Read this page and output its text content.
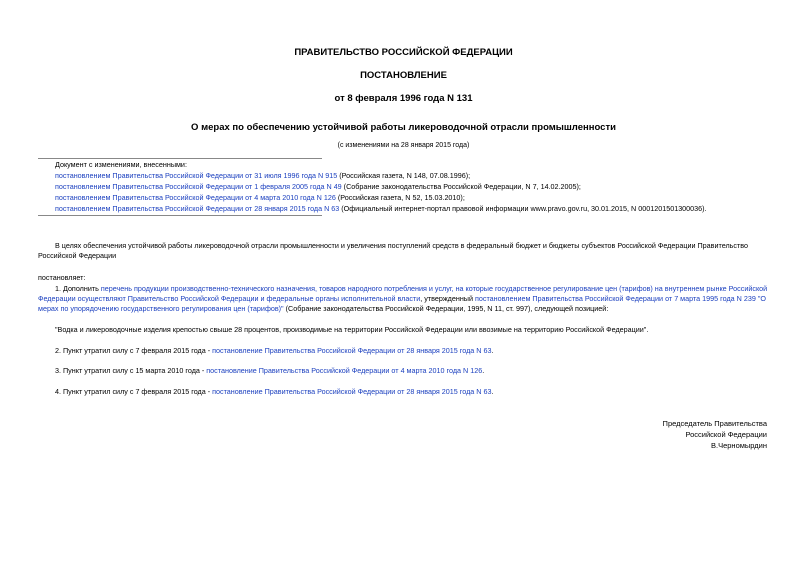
ПРАВИТЕЛЬСТВО РОССИЙСКОЙ ФЕДЕРАЦИИ
ПОСТАНОВЛЕНИЕ
от 8 февраля 1996 года N 131
О мерах по обеспечению устойчивой работы ликероводочной отрасли промышленности
(с изменениями на 28 января 2015 года)
Документ с изменениями, внесенными:
постановлением Правительства Российской Федерации от 31 июля 1996 года N 915 (Российская газета, N 148, 07.08.1996);
постановлением Правительства Российской Федерации от 1 февраля 2005 года N 49 (Собрание законодательства Российской Федерации, N 7, 14.02.2005);
постановлением Правительства Российской Федерации от 4 марта 2010 года N 126 (Российская газета, N 52, 15.03.2010);
постановлением Правительства Российской Федерации от 28 января 2015 года N 63 (Официальный интернет-портал правовой информации www.pravo.gov.ru, 30.01.2015, N 0001201501300036).
В целях обеспечения устойчивой работы ликероводочной отрасли промышленности и увеличения поступлений средств в федеральный бюджет и бюджеты субъектов Российской Федерации Правительство Российской Федерации
постановляет:
1. Дополнить перечень продукции производственно-технического назначения, товаров народного потребления и услуг, на которые государственное регулирование цен (тарифов) на внутреннем рынке Российской Федерации осуществляют Правительство Российской Федерации и федеральные органы исполнительной власти, утвержденный постановлением Правительства Российской Федерации от 7 марта 1995 года N 239 "О мерах по упорядочению государственного регулирования цен (тарифов)" (Собрание законодательства Российской Федерации, 1995, N 11, ст. 997), следующей позицией:
"Водка и ликероводочные изделия крепостью свыше 28 процентов, производимые на территории Российской Федерации или ввозимые на территорию Российской Федерации".
2. Пункт утратил силу с 7 февраля 2015 года - постановление Правительства Российской Федерации от 28 января 2015 года N 63.
3. Пункт утратил силу с 15 марта 2010 года - постановление Правительства Российской Федерации от 4 марта 2010 года N 126.
4. Пункт утратил силу с 7 февраля 2015 года - постановление Правительства Российской Федерации от 28 января 2015 года N 63.
Председатель Правительства
Российской Федерации
В.Черномырдин
